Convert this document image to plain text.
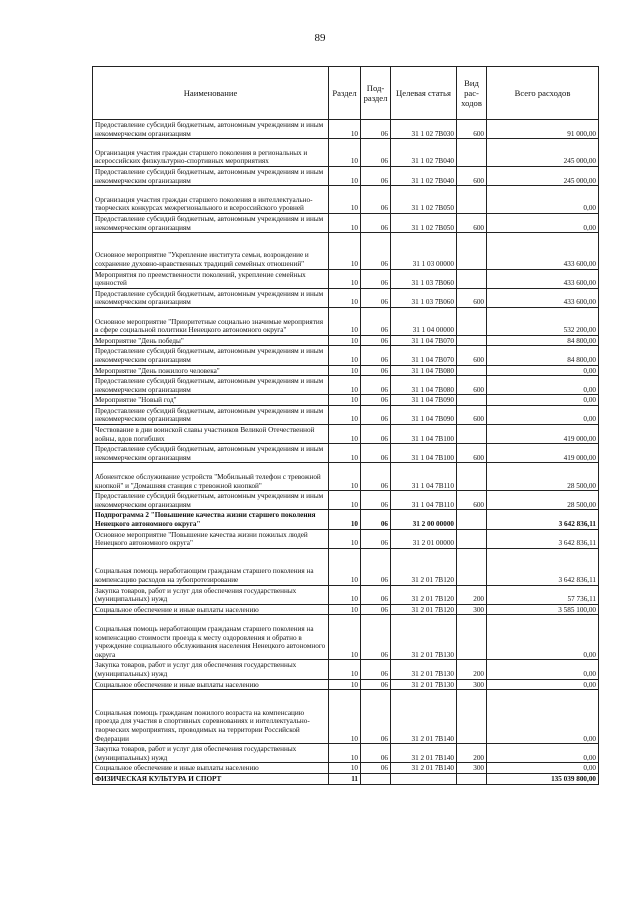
89
Наименование	Раздел	Под-раздел	Целевая статья	Вид рас-ходов	Всего расходов
Предоставление субсидий бюджетным, автономным учреждениям и иным некоммерческим организациям	10	06	31 1 02 7В030	600	91 000,00
Организация участия граждан старшего поколения в региональных и всероссийских физкультурно-спортивных мероприятиях	10	06	31 1 02 7В040		245 000,00
Предоставление субсидий бюджетным, автономным учреждениям и иным некоммерческим организациям	10	06	31 1 02 7В040	600	245 000,00
Организация участия граждан старшего поколения в интеллектуально-творческих конкурсах межрегионального и всероссийского уровней	10	06	31 1 02 7В050		0,00
Предоставление субсидий бюджетным, автономным учреждениям и иным некоммерческим организациям	10	06	31 1 02 7В050	600	0,00
Основное мероприятие "Укрепление института семьи, возрождение и сохранение духовно-нравственных традиций семейных отношений"	10	06	31 1 03 00000		433 600,00
Мероприятия по преемственности поколений, укрепление семейных ценностей	10	06	31 1 03 7В060		433 600,00
Предоставление субсидий бюджетным, автономным учреждениям и иным некоммерческим организациям	10	06	31 1 03 7В060	600	433 600,00
Основное мероприятие "Приоритетные социально значимые мероприятия в сфере социальной политики Ненецкого автономного округа"	10	06	31 1 04 00000		532 200,00
Мероприятие "День победы"	10	06	31 1 04 7В070		84 800,00
Предоставление субсидий бюджетным, автономным учреждениям и иным некоммерческим организациям	10	06	31 1 04 7В070	600	84 800,00
Мероприятие "День пожилого человека"	10	06	31 1 04 7В080		0,00
Предоставление субсидий бюджетным, автономным учреждениям и иным некоммерческим организациям	10	06	31 1 04 7В080	600	0,00
Мероприятие "Новый год"	10	06	31 1 04 7В090		0,00
Предоставление субсидий бюджетным, автономным учреждениям и иным некоммерческим организациям	10	06	31 1 04 7В090	600	0,00
Чествование в дни воинской славы участников Великой Отечественной войны, вдов погибших	10	06	31 1 04 7В100		419 000,00
Предоставление субсидий бюджетным, автономным учреждениям и иным некоммерческим организациям	10	06	31 1 04 7В100	600	419 000,00
Абонентское обслуживание устройств "Мобильный телефон с тревожной кнопкой" и "Домашняя станция с тревожной кнопкой"	10	06	31 1 04 7В110		28 500,00
Предоставление субсидий бюджетным, автономным учреждениям и иным некоммерческим организациям	10	06	31 1 04 7В110	600	28 500,00
Подпрограмма 2 "Повышение качества жизни старшего поколения Ненецкого автономного округа"	10	06	31 2 00 00000		3 642 836,11
Основное мероприятие "Повышение качества жизни пожилых людей Ненецкого автономного округа"	10	06	31 2 01 00000		3 642 836,11
Социальная помощь неработающим гражданам старшего поколения на компенсацию расходов на зубопротезирование	10	06	31 2 01 7В120		3 642 836,11
Закупка товаров, работ и услуг для обеспечения государственных (муниципальных) нужд	10	06	31 2 01 7В120	200	57 736,11
Социальное обеспечение и иные выплаты населению	10	06	31 2 01 7В120	300	3 585 100,00
Социальная помощь неработающим гражданам старшего поколения на компенсацию стоимости проезда к месту оздоровления и обратно в учреждение социального обслуживания населения Ненецкого автономного округа	10	06	31 2 01 7В130		0,00
Закупка товаров, работ и услуг для обеспечения государственных (муниципальных) нужд	10	06	31 2 01 7В130	200	0,00
Социальное обеспечение и иные выплаты населению	10	06	31 2 01 7В130	300	0,00
Социальная помощь гражданам пожилого возраста на компенсацию проезда для участия в спортивных соревнованиях и интеллектуально-творческих мероприятиях, проводимых на территории Российской Федерации	10	06	31 2 01 7В140		0,00
Закупка товаров, работ и услуг для обеспечения государственных (муниципальных) нужд	10	06	31 2 01 7В140	200	0,00
Социальное обеспечение и иные выплаты населению	10	06	31 2 01 7В140	300	0,00
ФИЗИЧЕСКАЯ КУЛЬТУРА И СПОРТ	11				135 039 800,00
